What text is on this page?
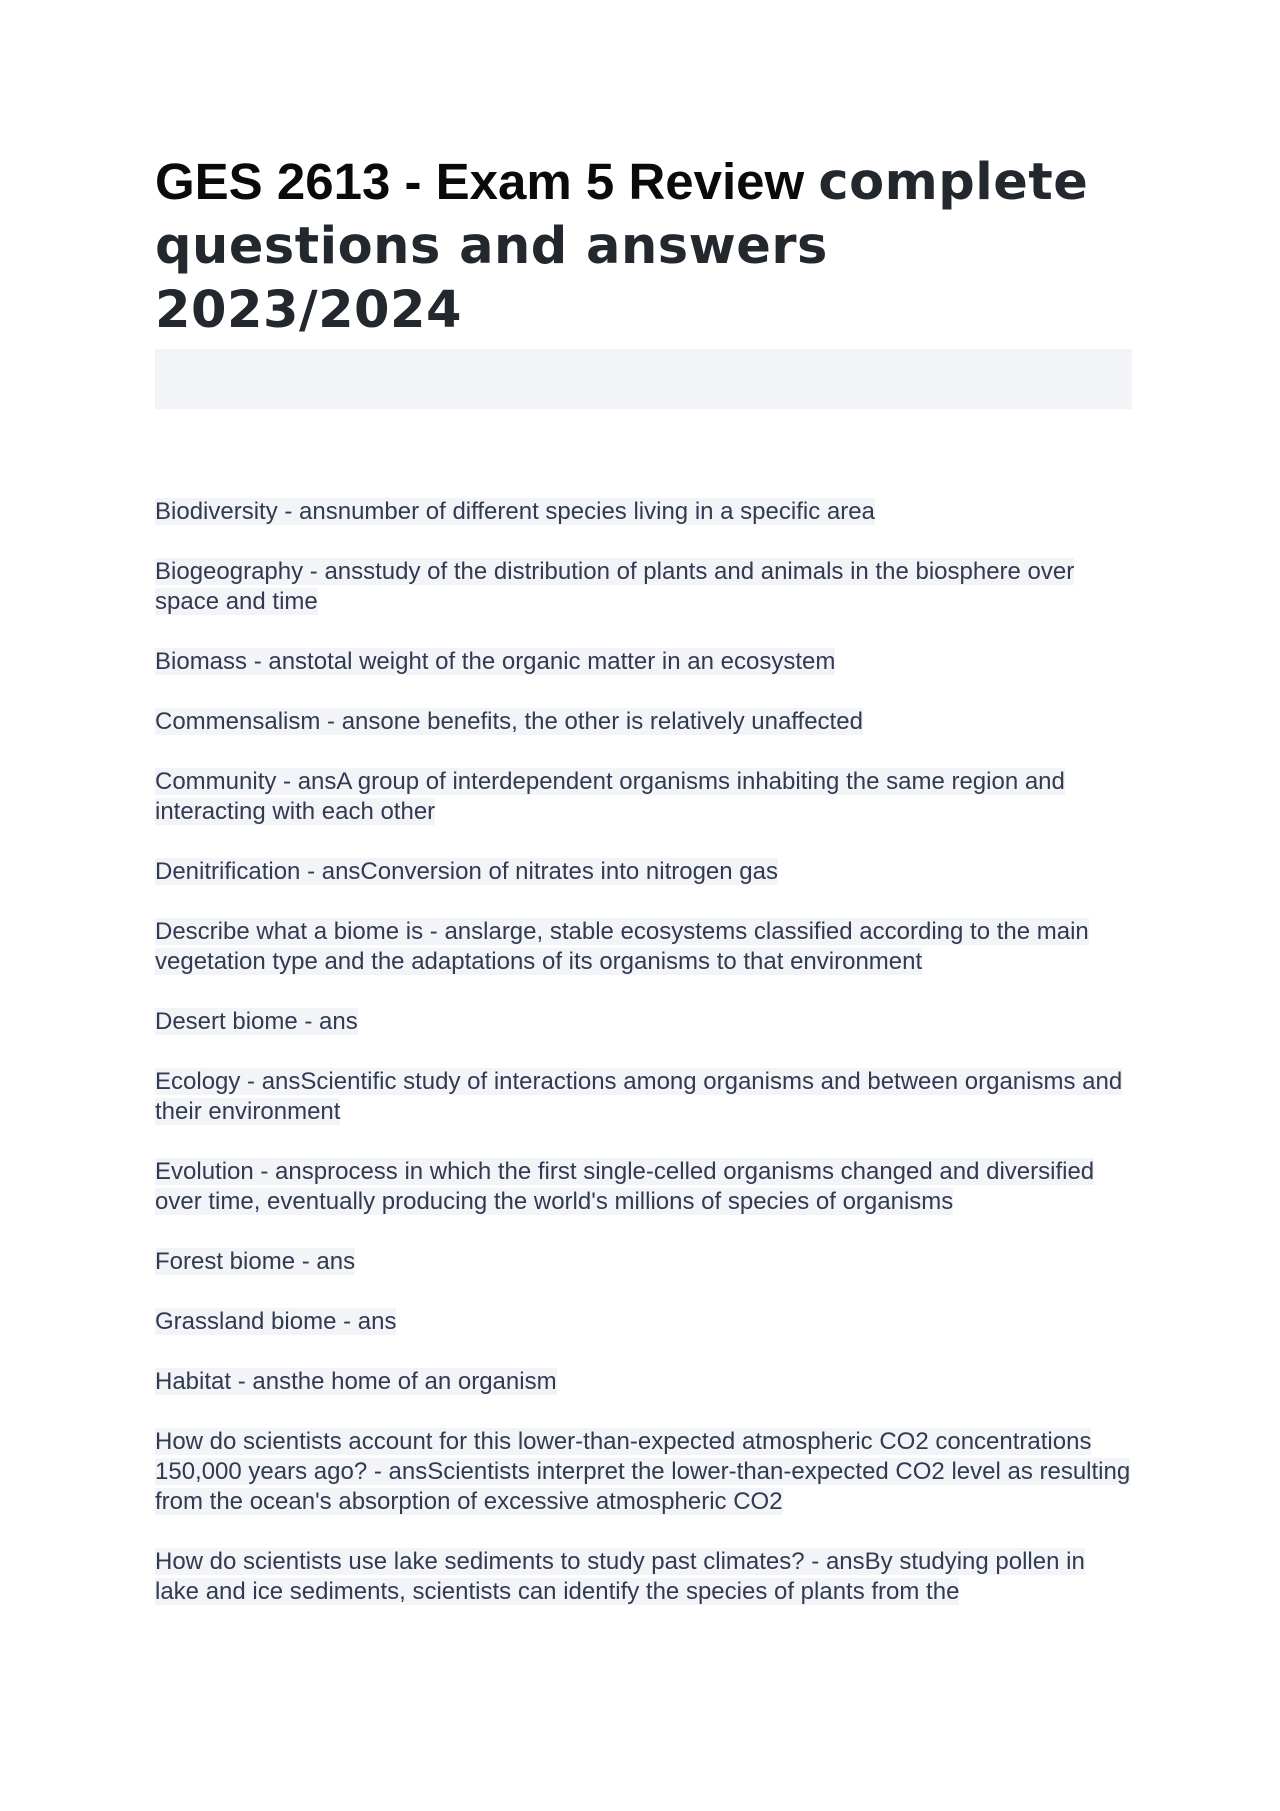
GES 2613 - Exam 5 Review complete questions and answers 2023/2024

Biodiversity - ansnumber of different species living in a specific area

Biogeography - ansstudy of the distribution of plants and animals in the biosphere over space and time

Biomass - anstotal weight of the organic matter in an ecosystem

Commensalism - ansone benefits, the other is relatively unaffected

Community - ansA group of interdependent organisms inhabiting the same region and interacting with each other

Denitrification - ansConversion of nitrates into nitrogen gas

Describe what a biome is - anslarge, stable ecosystems classified according to the main vegetation type and the adaptations of its organisms to that environment

Desert biome - ans

Ecology - ansScientific study of interactions among organisms and between organisms and their environment

Evolution - ansprocess in which the first single-celled organisms changed and diversified over time, eventually producing the world's millions of species of organisms

Forest biome - ans

Grassland biome - ans

Habitat - ansthe home of an organism

How do scientists account for this lower-than-expected atmospheric CO2 concentrations 150,000 years ago? - ansScientists interpret the lower-than-expected CO2 level as resulting from the ocean's absorption of excessive atmospheric CO2

How do scientists use lake sediments to study past climates? - ansBy studying pollen in lake and ice sediments, scientists can identify the species of plants from the
